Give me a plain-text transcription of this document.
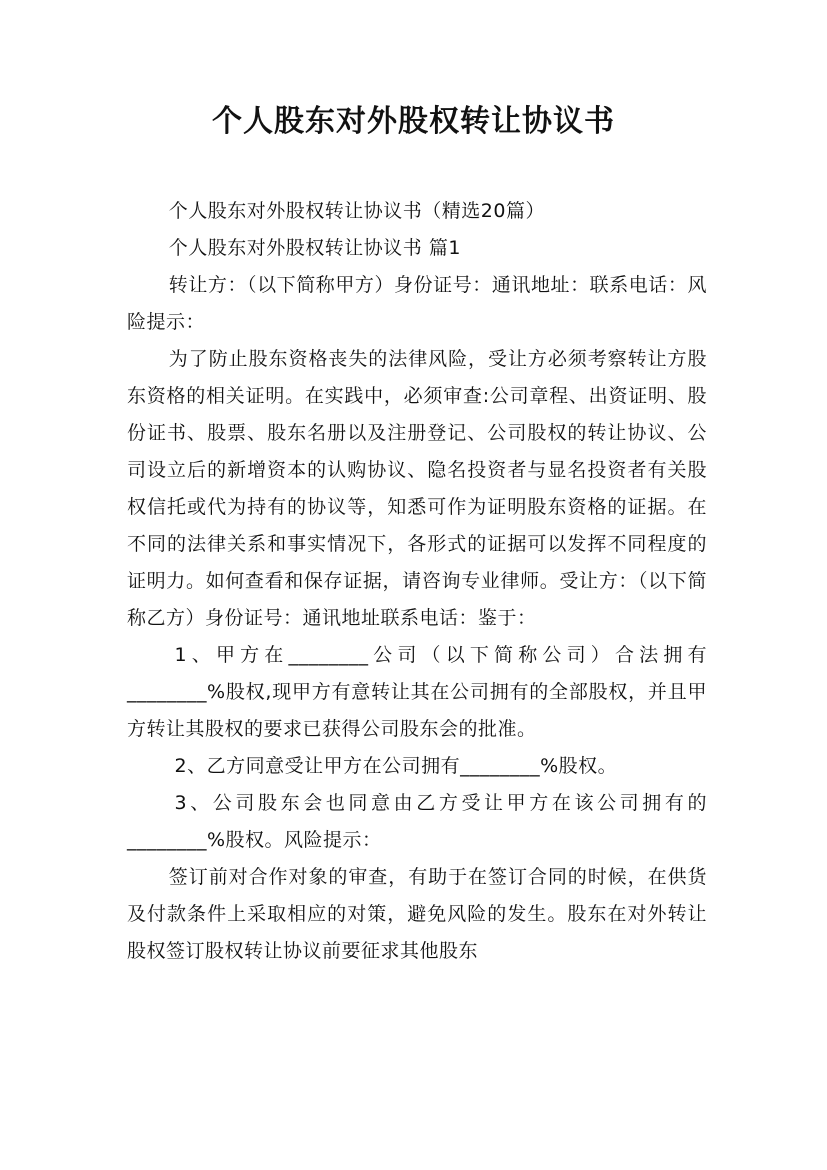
个人股东对外股权转让协议书

个人股东对外股权转让协议书（精选20篇）

个人股东对外股权转让协议书 篇1

转让方：（以下简称甲方）身份证号：通讯地址：联系电话：风险提示：

为了防止股东资格丧失的法律风险，受让方必须考察转让方股东资格的相关证明。在实践中，必须审查:公司章程、出资证明、股份证书、股票、股东名册以及注册登记、公司股权的转让协议、公司设立后的新增资本的认购协议、隐名投资者与显名投资者有关股权信托或代为持有的协议等，知悉可作为证明股东资格的证据。在不同的法律关系和事实情况下，各形式的证据可以发挥不同程度的证明力。如何查看和保存证据，请咨询专业律师。受让方：（以下简称乙方）身份证号：通讯地址联系电话：鉴于：

1、甲方在________公司（以下简称公司）合法拥有________%股权,现甲方有意转让其在公司拥有的全部股权，并且甲方转让其股权的要求已获得公司股东会的批准。

2、乙方同意受让甲方在公司拥有________%股权。

3、公司股东会也同意由乙方受让甲方在该公司拥有的________%股权。风险提示：

签订前对合作对象的审查，有助于在签订合同的时候，在供货及付款条件上采取相应的对策，避免风险的发生。股东在对外转让股权签订股权转让协议前要征求其他股东
